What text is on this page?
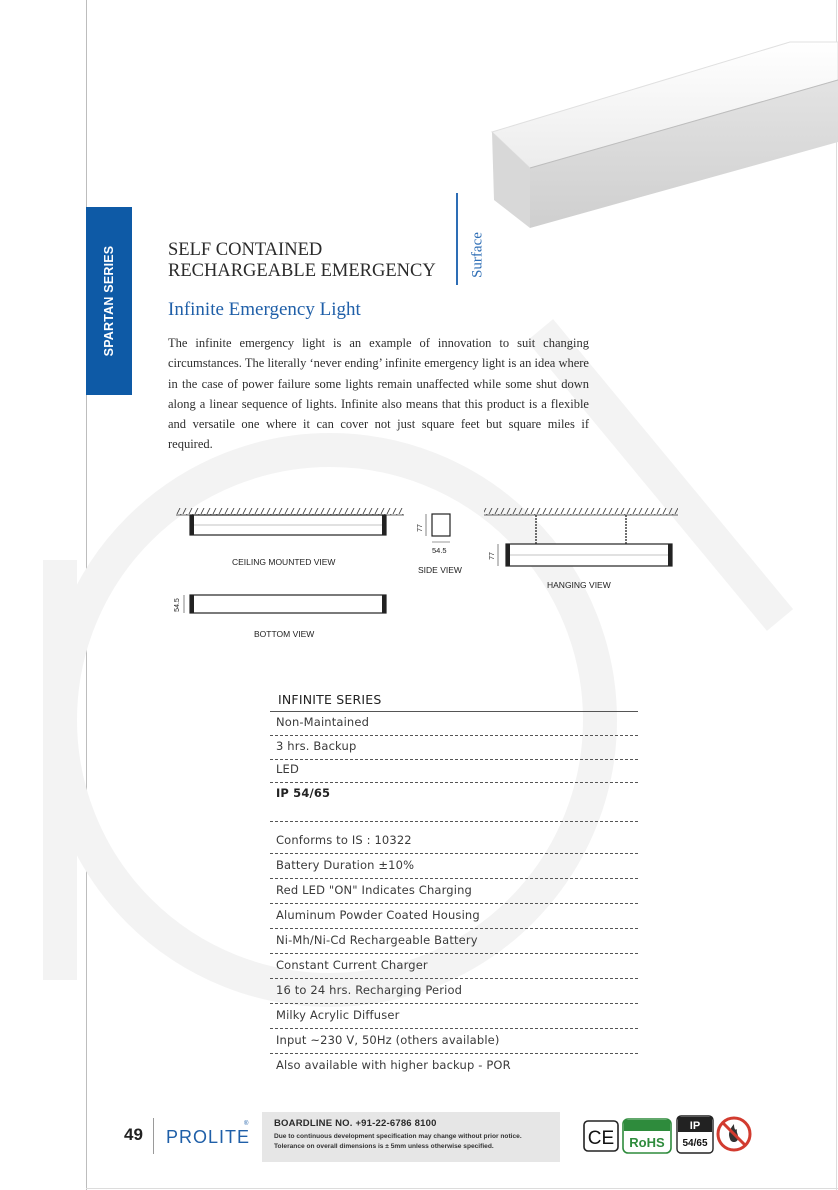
SPARTAN SERIES	SELF CONTAINED
RECHARGEABLE EMERGENCY Surface
Infinite Emergency Light

The infinite emergency light is an example of innovation to suit changing circumstances. The literally ‘never ending’ infinite emergency light is an idea where in the case of power failure some lights remain unaffected while some shut down along a linear sequence of lights. Infinite also means that this product is a flexible and versatile one where it can cover not just square feet but square miles if required.

CEILING MOUNTED VIEW
77
54.5
SIDE VIEW
77
HANGING VIEW
54.5
BOTTOM VIEW
INFINITE SERIES
Non-Maintained
3 hrs. Backup
LED
IP 54/65
Conforms to IS : 10322
Battery Duration ±10%
Red LED "ON" Indicates Charging
Aluminum Powder Coated Housing
Ni-Mh/Ni-Cd Rechargeable Battery
Constant Current Charger
16 to 24 hrs. Recharging Period
Milky Acrylic Diffuser
Input ~230 V, 50Hz (others available)
Also available with higher backup - POR
49 PROLITE
®	BOARDLINE NO. +91-22-6786 8100
Due to continuous development specification may change without prior notice.
Tolerance on overall dimensions is ± 5mm unless otherwise specified.	CE RoHS
IP
54/65
